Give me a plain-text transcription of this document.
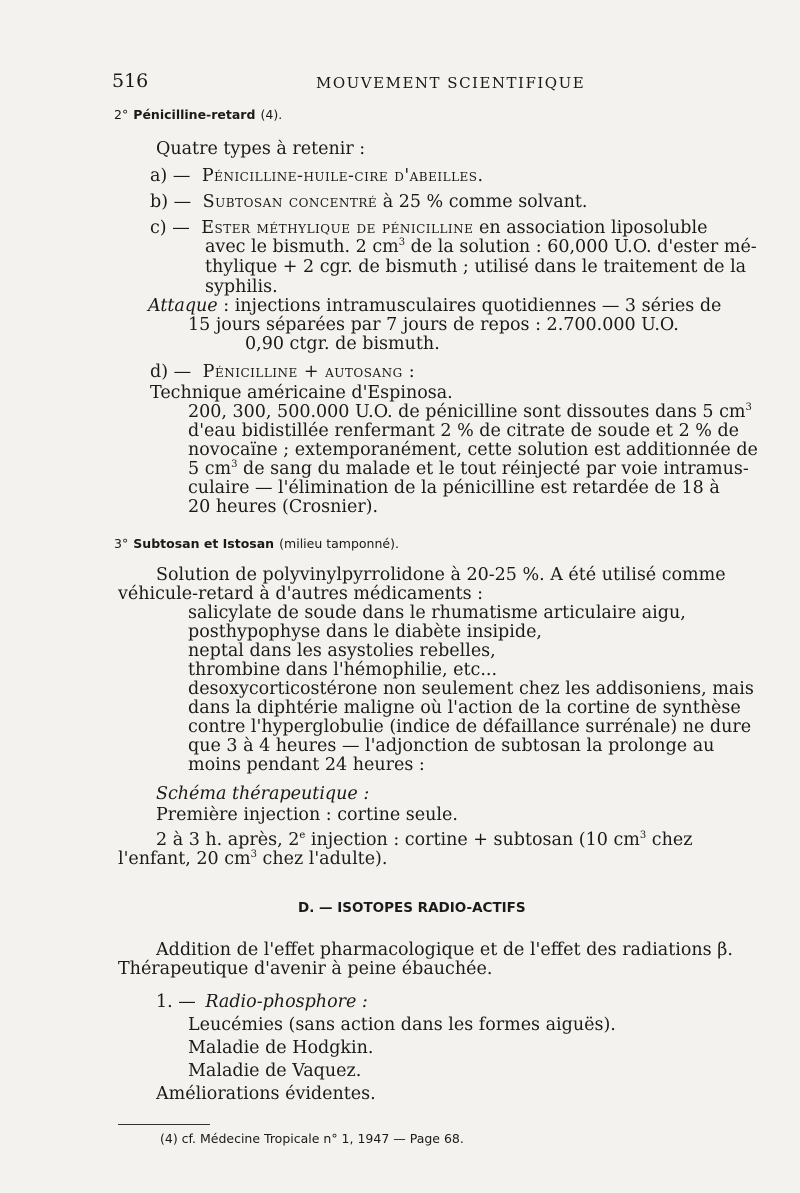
516	MOUVEMENT SCIENTIFIQUE
2° Pénicilline-retard (4).
Quatre types à retenir :
a) — Pénicilline-huile-cire d'abeilles.
b) — Subtosan concentré à 25 % comme solvant.
c) — Ester méthylique de pénicilline en association liposoluble
avec le bismuth. 2 $cm^3$ de la solution : 60,000 U.O. d'ester mé-
thylique + 2 cgr. de bismuth ; utilisé dans le traitement de la
syphilis.
Attaque : injections intramusculaires quotidiennes — 3 séries de
15 jours séparées par 7 jours de repos : 2.700.000 U.O.
0,90 ctgr. de bismuth.
d) — Pénicilline + autosang :
Technique américaine d'Espinosa.
200, 300, 500.000 U.O. de pénicilline sont dissoutes dans 5 $cm^3$
d'eau bidistillée renfermant 2 % de citrate de soude et 2 % de
novocaïne ; extemporanément, cette solution est additionnée de
5 $cm^3$ de sang du malade et le tout réinjecté par voie intramus-
culaire — l'élimination de la pénicilline est retardée de 18 à
20 heures (Crosnier).
3° Subtosan et Istosan (milieu tamponné).
Solution de polyvinylpyrrolidone à 20-25 %. A été utilisé comme
véhicule-retard à d'autres médicaments :
salicylate de soude dans le rhumatisme articulaire aigu,
posthypophyse dans le diabète insipide,
neptal dans les asystolies rebelles,
thrombine dans l'hémophilie, etc...
desoxycorticostérone non seulement chez les addisoniens, mais
dans la diphtérie maligne où l'action de la cortine de synthèse
contre l'hyperglobulie (indice de défaillance surrénale) ne dure
que 3 à 4 heures — l'adjonction de subtosan la prolonge au
moins pendant 24 heures :
Schéma thérapeutique :
Première injection : cortine seule.
2 à 3 h. après, 2e injection : cortine + subtosan (10 $cm^3$ chez
l'enfant, 20 $cm^3$ chez l'adulte).
D. — ISOTOPES RADIO-ACTIFS
Addition de l'effet pharmacologique et de l'effet des radiations β.
Thérapeutique d'avenir à peine ébauchée.
1. — Radio-phosphore :
Leucémies (sans action dans les formes aiguës).
Maladie de Hodgkin.
Maladie de Vaquez.
Améliorations évidentes.
(4) cf. Médecine Tropicale n° 1, 1947 — Page 68.
